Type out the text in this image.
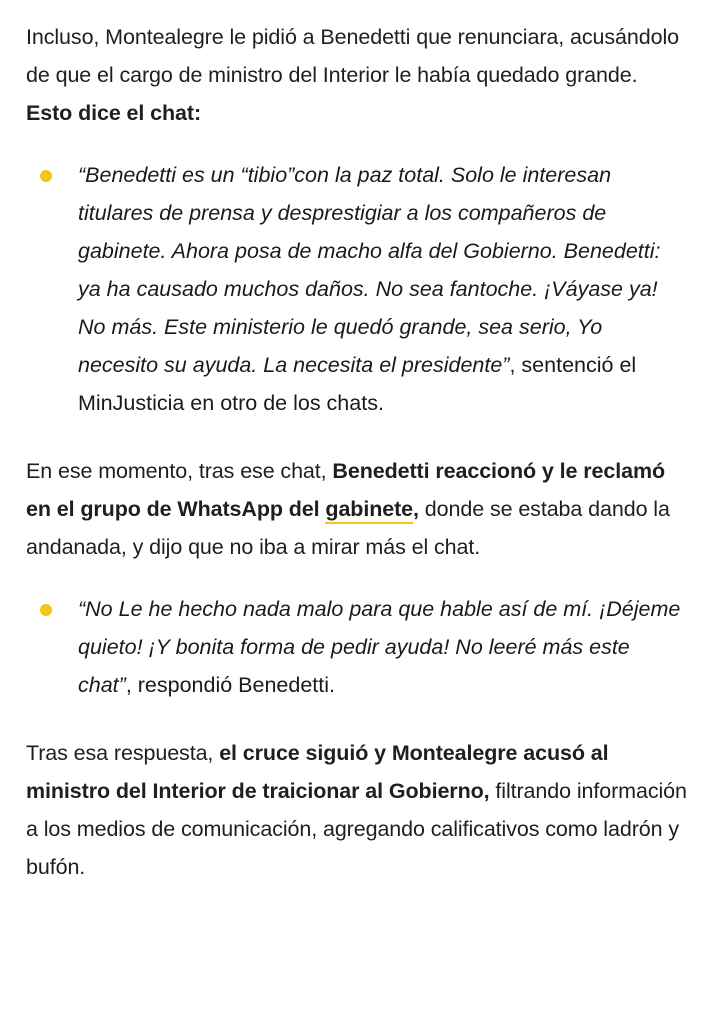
Incluso, Montealegre le pidió a Benedetti que renunciara, acusándolo de que el cargo de ministro del Interior le había quedado grande. Esto dice el chat:

“Benedetti es un “tibio”con la paz total. Solo le interesan titulares de prensa y desprestigiar a los compañeros de gabinete. Ahora posa de macho alfa del Gobierno. Benedetti: ya ha causado muchos daños. No sea fantoche. ¡Váyase ya! No más. Este ministerio le quedó grande, sea serio, Yo necesito su ayuda. La necesita el presidente”, sentenció el MinJusticia en otro de los chats.

En ese momento, tras ese chat, Benedetti reaccionó y le reclamó en el grupo de WhatsApp del gabinete, donde se estaba dando la andanada, y dijo que no iba a mirar más el chat.

“No Le he hecho nada malo para que hable así de mí. ¡Déjeme quieto! ¡Y bonita forma de pedir ayuda! No leeré más este chat”, respondió Benedetti.

Tras esa respuesta, el cruce siguió y Montealegre acusó al ministro del Interior de traicionar al Gobierno, filtrando información a los medios de comunicación, agregando calificativos como ladrón y bufón.
